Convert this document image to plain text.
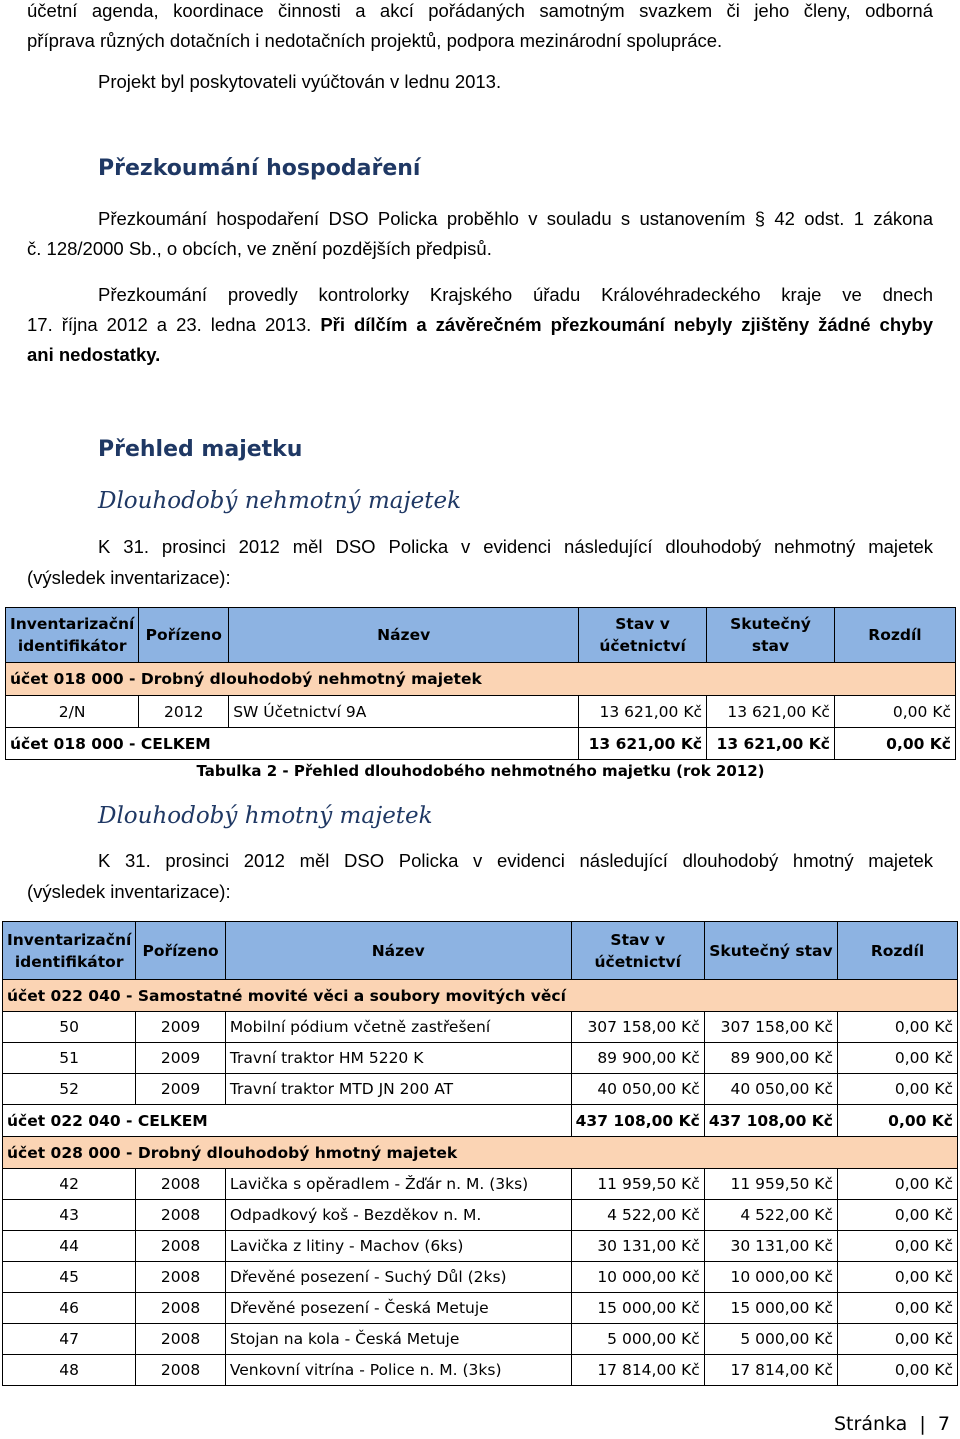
účetní agenda, koordinace činnosti a akcí pořádaných samotným svazkem či jeho členy, odborná
příprava různých dotačních i nedotačních projektů, podpora mezinárodní spolupráce.
Projekt byl poskytovateli vyúčtován v lednu 2013.
Přezkoumání hospodaření
Přezkoumání hospodaření DSO Policka proběhlo v souladu s ustanovením § 42 odst. 1 zákona
č. 128/2000 Sb., o obcích, ve znění pozdějších předpisů.
Přezkoumání provedly kontrolorky Krajského úřadu Královéhradeckého kraje ve dnech
17. října 2012 a 23. ledna 2013. Při dílčím a závěrečném přezkoumání nebyly zjištěny žádné chyby
ani nedostatky.
Přehled majetku
Dlouhodobý nehmotný majetek
K 31. prosinci 2012 měl DSO Policka v evidenci následující dlouhodobý nehmotný majetek
(výsledek inventarizace):
Inventarizační identifikátor	Pořízeno	Název	Stav v účetnictví	Skutečný stav	Rozdíl
účet 018 000 - Drobný dlouhodobý nehmotný majetek					
2/N	2012	SW Účetnictví 9A	13 621,00 Kč	13 621,00 Kč	0,00 Kč
účet 018 000 - CELKEM			13 621,00 Kč	13 621,00 Kč	0,00 Kč
Tabulka 2 - Přehled dlouhodobého nehmotného majetku (rok 2012)
Dlouhodobý hmotný majetek
K 31. prosinci 2012 měl DSO Policka v evidenci následující dlouhodobý hmotný majetek
(výsledek inventarizace):
Inventarizační identifikátor	Pořízeno	Název	Stav v účetnictví	Skutečný stav	Rozdíl
účet 022 040 - Samostatné movité věci a soubory movitých věcí					
50	2009	Mobilní pódium včetně zastřešení	307 158,00 Kč	307 158,00 Kč	0,00 Kč
51	2009	Travní traktor HM 5220 K	89 900,00 Kč	89 900,00 Kč	0,00 Kč
52	2009	Travní traktor MTD JN 200 AT	40 050,00 Kč	40 050,00 Kč	0,00 Kč
účet 022 040 - CELKEM			437 108,00 Kč	437 108,00 Kč	0,00 Kč
účet 028 000 - Drobný dlouhodobý hmotný majetek					
42	2008	Lavička s opěradlem - Žďár n. M. (3ks)	11 959,50 Kč	11 959,50 Kč	0,00 Kč
43	2008	Odpadkový koš - Bezděkov n. M.	4 522,00 Kč	4 522,00 Kč	0,00 Kč
44	2008	Lavička z litiny - Machov (6ks)	30 131,00 Kč	30 131,00 Kč	0,00 Kč
45	2008	Dřevěné posezení - Suchý Důl (2ks)	10 000,00 Kč	10 000,00 Kč	0,00 Kč
46	2008	Dřevěné posezení - Česká Metuje	15 000,00 Kč	15 000,00 Kč	0,00 Kč
47	2008	Stojan na kola - Česká Metuje	5 000,00 Kč	5 000,00 Kč	0,00 Kč
48	2008	Venkovní vitrína - Police n. M. (3ks)	17 814,00 Kč	17 814,00 Kč	0,00 Kč
Stránka | 7
